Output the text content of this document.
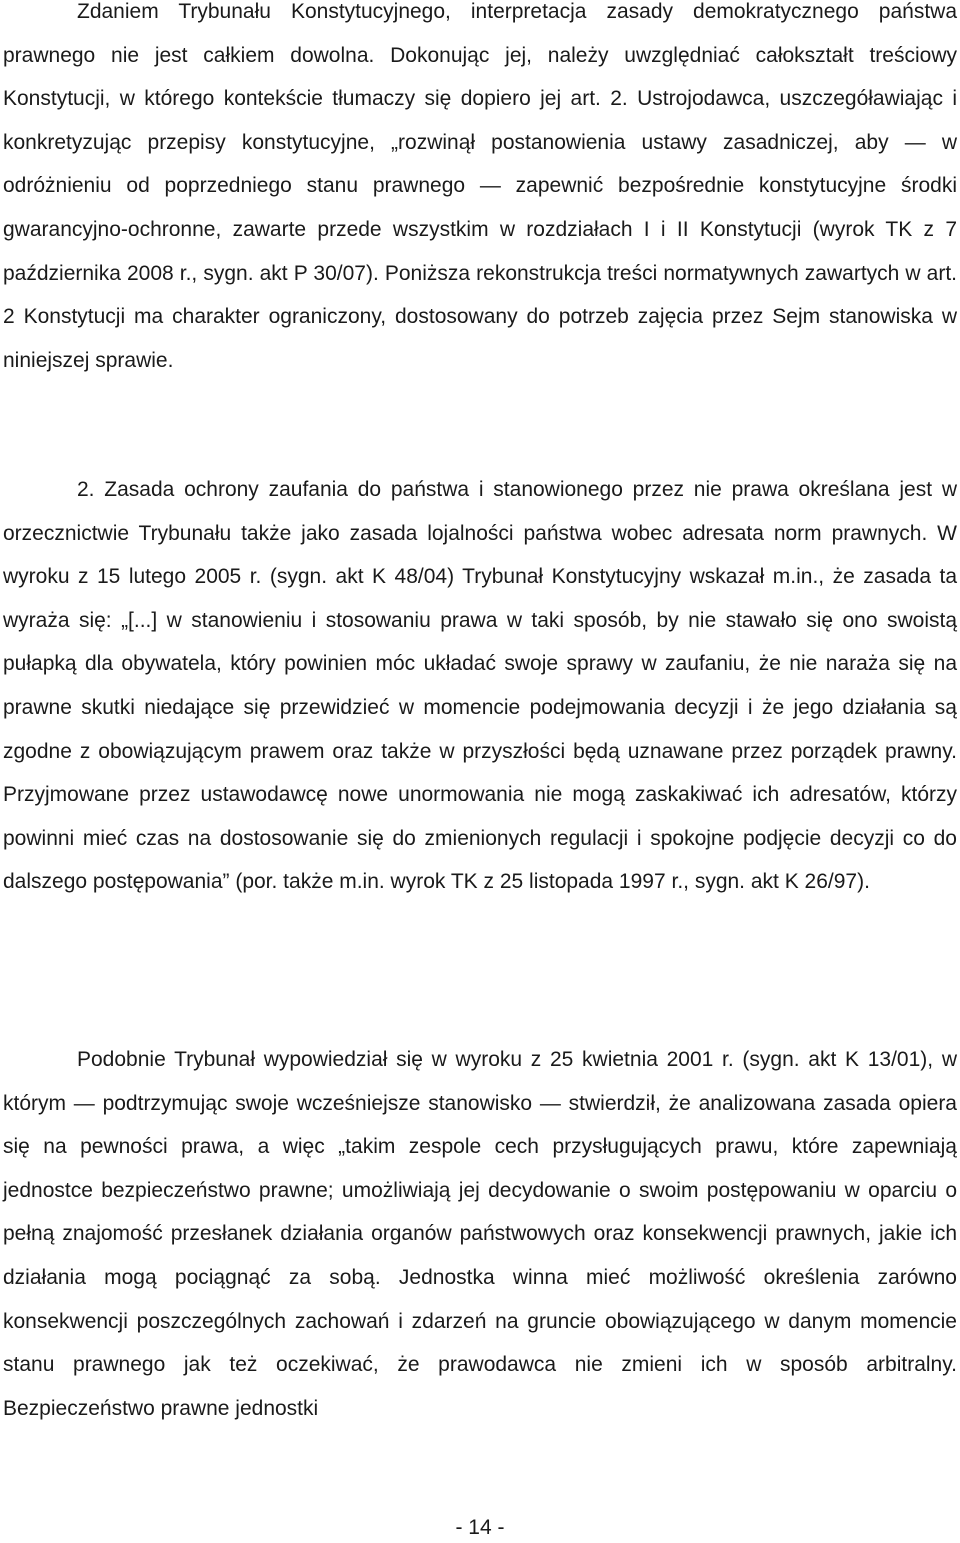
Zdaniem Trybunału Konstytucyjnego, interpretacja zasady demokratycznego państwa prawnego nie jest całkiem dowolna. Dokonując jej, należy uwzględniać całokształt treściowy Konstytucji, w którego kontekście tłumaczy się dopiero jej art. 2. Ustrojodawca, uszczegóławiając i konkretyzując przepisy konstytucyjne, „rozwinął postanowienia ustawy zasadniczej, aby — w odróżnieniu od poprzedniego stanu prawnego — zapewnić bezpośrednie konstytucyjne środki gwarancyjno-ochronne, zawarte przede wszystkim w rozdziałach I i II Konstytucji (wyrok TK z 7 października 2008 r., sygn. akt P 30/07). Poniższa rekonstrukcja treści normatywnych zawartych w art. 2 Konstytucji ma charakter ograniczony, dostosowany do potrzeb zajęcia przez Sejm stanowiska w niniejszej sprawie.

2. Zasada ochrony zaufania do państwa i stanowionego przez nie prawa określana jest w orzecznictwie Trybunału także jako zasada lojalności państwa wobec adresata norm prawnych. W wyroku z 15 lutego 2005 r. (sygn. akt K 48/04) Trybunał Konstytucyjny wskazał m.in., że zasada ta wyraża się: „[...] w stanowieniu i stosowaniu prawa w taki sposób, by nie stawało się ono swoistą pułapką dla obywatela, który powinien móc układać swoje sprawy w zaufaniu, że nie naraża się na prawne skutki niedające się przewidzieć w momencie podejmowania decyzji i że jego działania są zgodne z obowiązującym prawem oraz także w przyszłości będą uznawane przez porządek prawny. Przyjmowane przez ustawodawcę nowe unormowania nie mogą zaskakiwać ich adresatów, którzy powinni mieć czas na dostosowanie się do zmienionych regulacji i spokojne podjęcie decyzji co do dalszego postępowania” (por. także m.in. wyrok TK z 25 listopada 1997 r., sygn. akt K 26/97).

Podobnie Trybunał wypowiedział się w wyroku z 25 kwietnia 2001 r. (sygn. akt K 13/01), w którym — podtrzymując swoje wcześniejsze stanowisko — stwierdził, że analizowana zasada opiera się na pewności prawa, a więc „takim zespole cech przysługujących prawu, które zapewniają jednostce bezpieczeństwo prawne; umożliwiają jej decydowanie o swoim postępowaniu w oparciu o pełną znajomość przesłanek działania organów państwowych oraz konsekwencji prawnych, jakie ich działania mogą pociągnąć za sobą. Jednostka winna mieć możliwość określenia zarówno konsekwencji poszczególnych zachowań i zdarzeń na gruncie obowiązującego w danym momencie stanu prawnego jak też oczekiwać, że prawodawca nie zmieni ich w sposób arbitralny. Bezpieczeństwo prawne jednostki

- 14 -
